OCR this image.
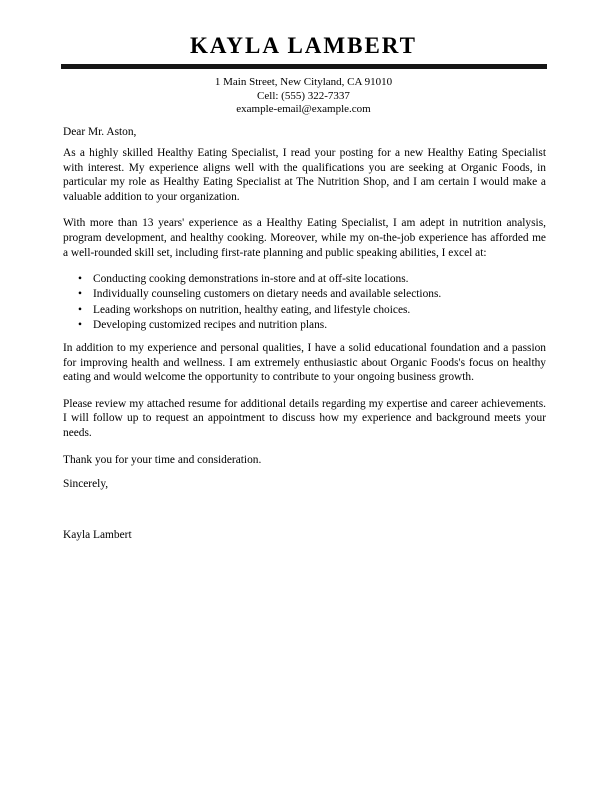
KAYLA LAMBERT
1 Main Street, New Cityland, CA 91010
Cell: (555) 322-7337
example-email@example.com
Dear Mr. Aston,

As a highly skilled Healthy Eating Specialist, I read your posting for a new Healthy Eating Specialist with interest. My experience aligns well with the qualifications you are seeking at Organic Foods, in particular my role as Healthy Eating Specialist at The Nutrition Shop, and I am certain I would make a valuable addition to your organization.

With more than 13 years' experience as a Healthy Eating Specialist, I am adept in nutrition analysis, program development, and healthy cooking. Moreover, while my on-the-job experience has afforded me a well-rounded skill set, including first-rate planning and public speaking abilities, I excel at:

• Conducting cooking demonstrations in-store and at off-site locations.
• Individually counseling customers on dietary needs and available selections.
• Leading workshops on nutrition, healthy eating, and lifestyle choices.
• Developing customized recipes and nutrition plans.

In addition to my experience and personal qualities, I have a solid educational foundation and a passion for improving health and wellness. I am extremely enthusiastic about Organic Foods's focus on healthy eating and would welcome the opportunity to contribute to your ongoing business growth.

Please review my attached resume for additional details regarding my expertise and career achievements. I will follow up to request an appointment to discuss how my experience and background meets your needs.

Thank you for your time and consideration.
Sincerely,
Kayla Lambert
